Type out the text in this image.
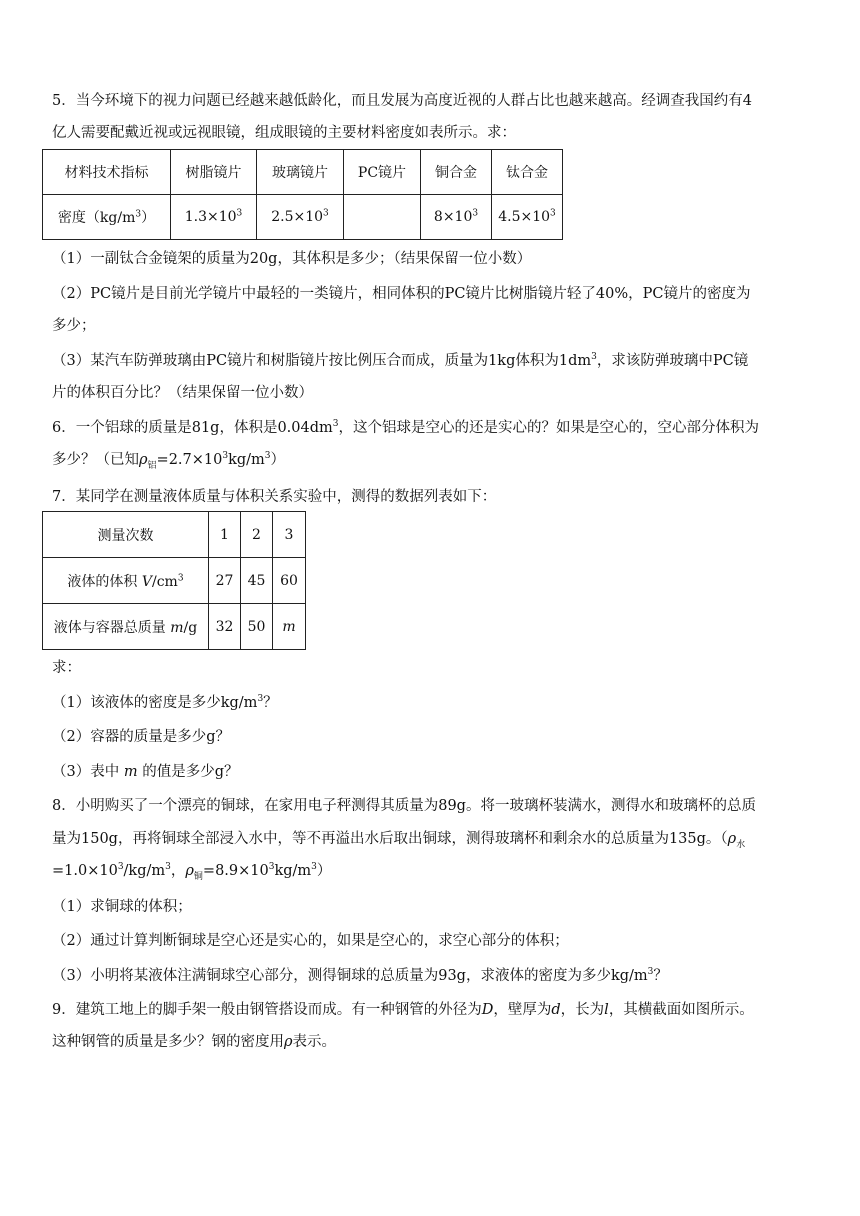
5．当今环境下的视力问题已经越来越低龄化，而且发展为高度近视的人群占比也越来越高。经调查我国约有4
亿人需要配戴近视或远视眼镜，组成眼镜的主要材料密度如表所示。求：
材料技术指标	树脂镜片	玻璃镜片	PC镜片	铜合金	钛合金
密度$(kg/m^3)$	$1.3\times 10^3$	$2.5\times 10^3$		$8\times 10^3$	$4.5\times 10^3$
（1）一副钛合金镜架的质量为20g，其体积是多少；（结果保留一位小数）
（2）PC镜片是目前光学镜片中最轻的一类镜片，相同体积的PC镜片比树脂镜片轻了40%，PC镜片的密度为
多少；
（3）某汽车防弹玻璃由PC镜片和树脂镜片按比例压合而成，质量为1kg体积为$1dm^3$，求该防弹玻璃中PC镜
片的体积百分比？（结果保留一位小数）
6．一个铝球的质量是81g，体积是$0.04dm^3$，这个铝球是空心的还是实心的？如果是空心的，空心部分体积为
多少？（已知$\rho_铝=2.7\times 10^3kg/m^3$）
7．某同学在测量液体质量与体积关系实验中，测得的数据列表如下：
测量次数	1	2	3
液体的体积 $V/cm^3$	27	45	60
液体与容器总质量 m/g	32	50	m
求：
（1）该液体的密度是多少$kg/m^3$？
（2）容器的质量是多少g？
（3）表中 m 的值是多少g？
8．小明购买了一个漂亮的铜球，在家用电子秤测得其质量为89g。将一玻璃杯装满水，测得水和玻璃杯的总质
量为150g，再将铜球全部浸入水中，等不再溢出水后取出铜球，测得玻璃杯和剩余水的总质量为135g。（$\rho_水$
$=1.0\times 10^3/kg/m^3$，$\rho_铜=8.9\times 10^3kg/m^3$）
（1）求铜球的体积；
（2）通过计算判断铜球是空心还是实心的，如果是空心的，求空心部分的体积；
（3）小明将某液体注满铜球空心部分，测得铜球的总质量为93g，求液体的密度为多少$kg/m^3$？
9．建筑工地上的脚手架一般由钢管搭设而成。有一种钢管的外径为D，壁厚为d，长为l，其横截面如图所示。
这种钢管的质量是多少？钢的密度用ρ表示。
